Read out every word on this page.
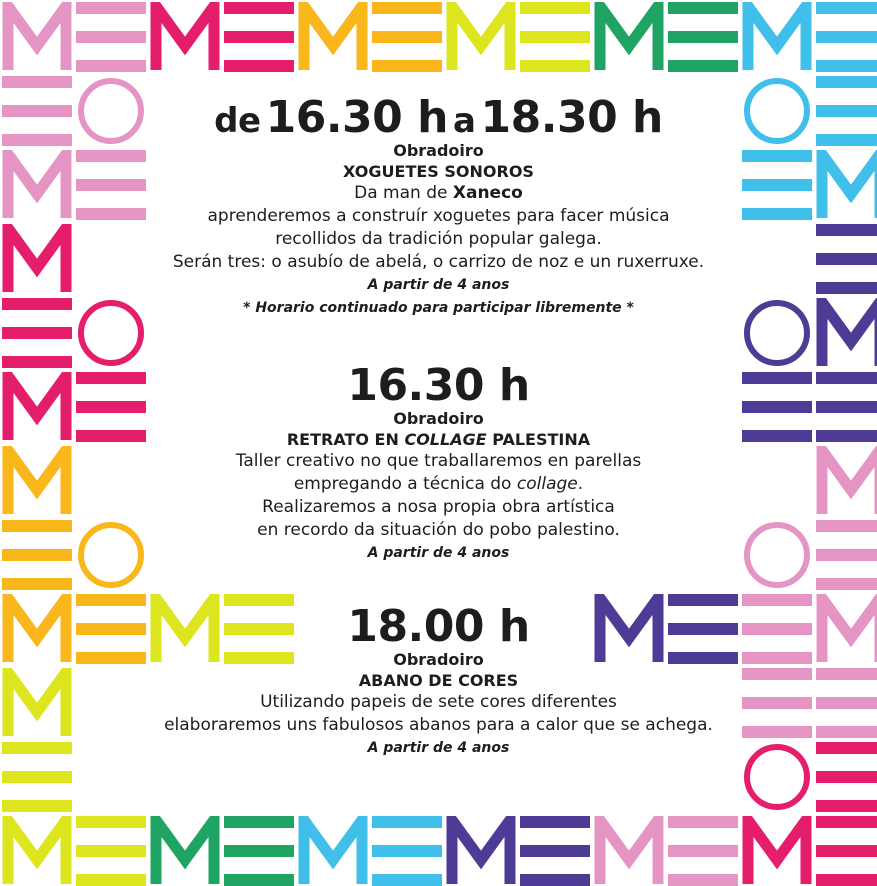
de 16.30 h a 18.30 h

Obradoiro

XOGUETES SONOROS

Da man de Xaneco

aprenderemos a construír xoguetes para facer música

recollidos da tradición popular galega.

Serán tres: o asubío de abelá, o carrizo de noz e un ruxerruxe.

A partir de 4 anos

* Horario continuado para participar libremente *

16.30 h

Obradoiro

RETRATO EN COLLAGE PALESTINA

Taller creativo no que traballaremos en parellas

empregando a técnica do collage.

Realizaremos a nosa propia obra artística

en recordo da situación do pobo palestino.

A partir de 4 anos

18.00 h

Obradoiro

ABANO DE CORES

Utilizando papeis de sete cores diferentes

elaboraremos uns fabulosos abanos para a calor que se achega.

A partir de 4 anos
